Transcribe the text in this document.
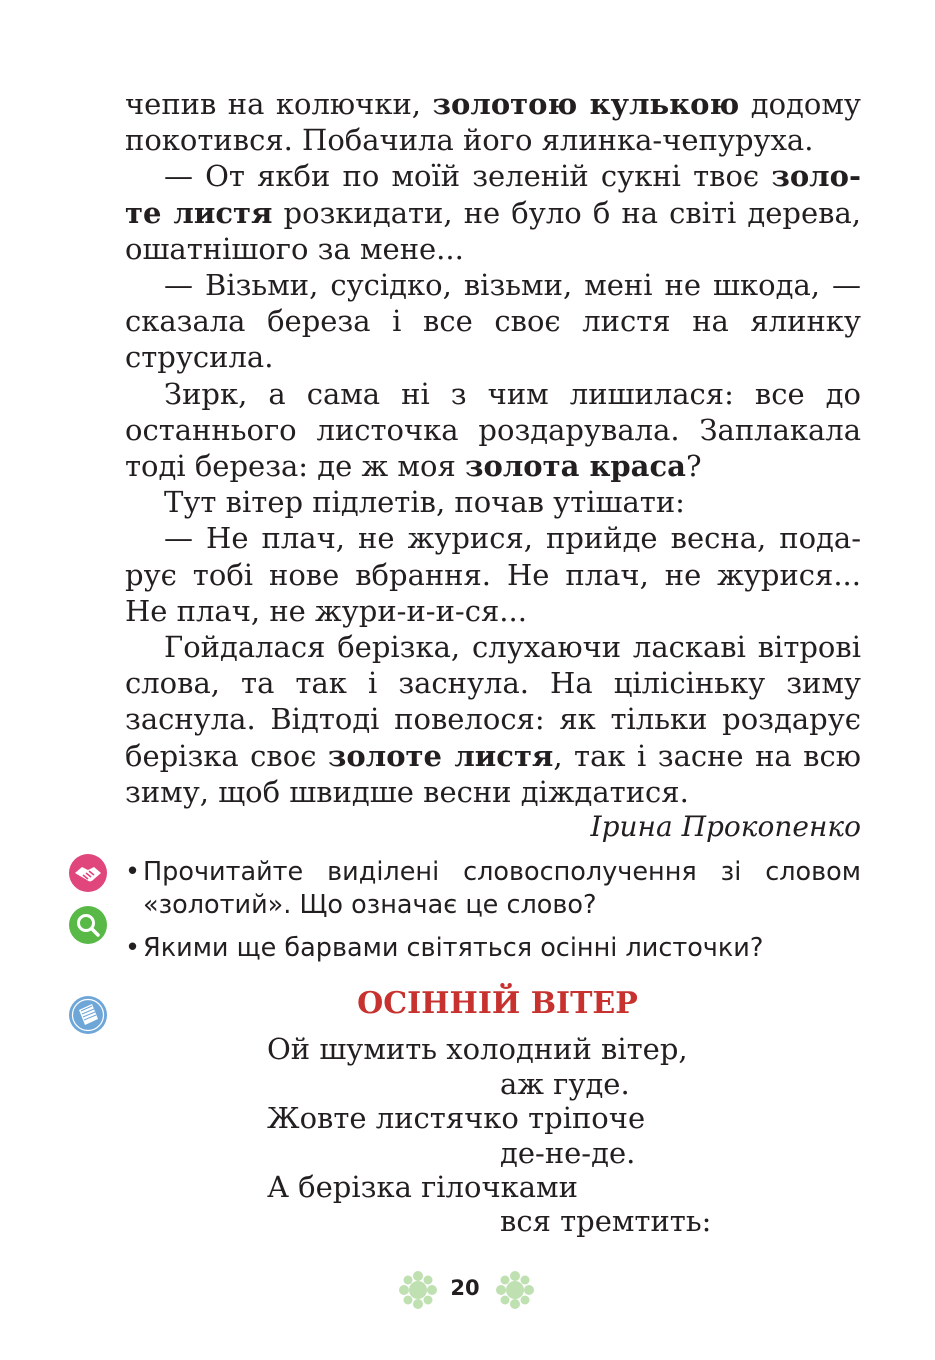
чепив на колючки, золотою кулькою додому покотився. Побачила його ялинка-чепуруха.

— От якби по моїй зеленій сукні твоє золоте листя розкидати, не було б на світі дерева, ошатнішого за мене...

— Візьми, сусідко, візьми, мені не шкода, — сказала береза і все своє листя на ялинку струсила.

Зирк, а сама ні з чим лишилася: все до останнього листочка роздарувала. Заплакала тоді береза: де ж моя золота краса?

Тут вітер підлетів, почав утішати:

— Не плач, не журися, прийде весна, подарує тобі нове вбрання. Не плач, не журися... Не плач, не жури-и-и-ся...

Гойдалася берізка, слухаючи ласкаві вітрові слова, та так і заснула. На цілісіньку зиму заснула. Відтоді повелося: як тільки роздарує берізка своє золоте листя, так і засне на всю зиму, щоб швидше весни діждатися.

Ірина Прокопенко
• Прочитайте виділені словосполучення зі словом «золотий». Що означає це слово?
• Якими ще барвами світяться осінні листочки?
ОСІННІЙ ВІТЕР
Ой шумить холодний вітер,
аж гуде.
Жовте листячко тріпоче
де-не-де.
А берізка гілочками
вся тремтить:
20
